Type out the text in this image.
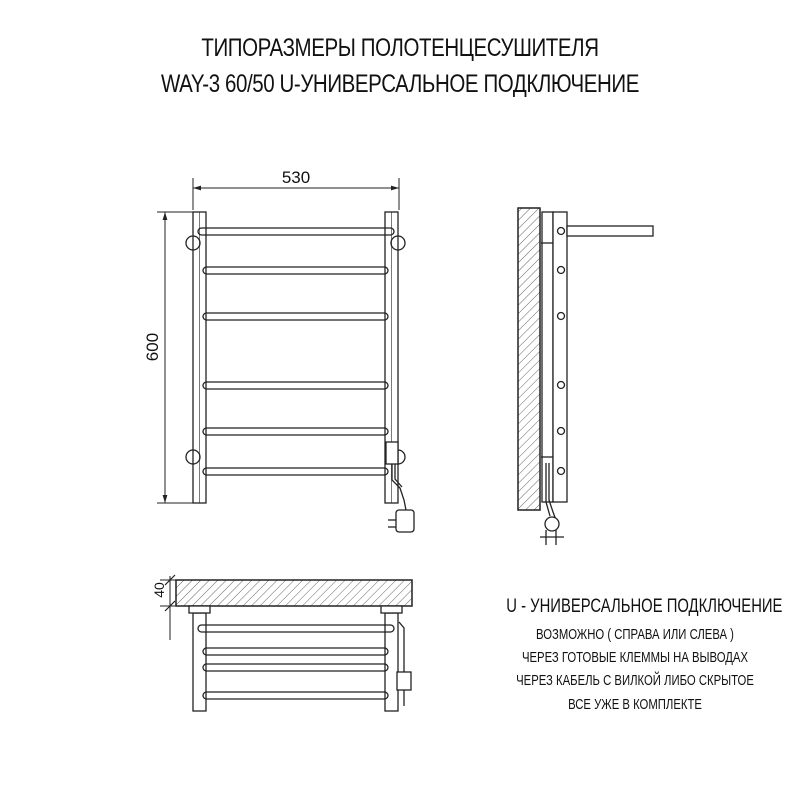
ТИПОРАЗМЕРЫ ПОЛОТЕНЦЕСУШИТЕЛЯ
WAY-3 60/50 U-УНИВЕРСАЛЬНОЕ ПОДКЛЮЧЕНИЕ
530
600
40
U - УНИВЕРСАЛЬНОЕ ПОДКЛЮЧЕНИЕ
ВОЗМОЖНО ( СПРАВА ИЛИ СЛЕВА )
ЧЕРЕЗ ГОТОВЫЕ КЛЕММЫ НА ВЫВОДАХ
ЧЕРЕЗ КАБЕЛЬ С ВИЛКОЙ ЛИБО СКРЫТОЕ
ВСЕ УЖЕ В КОМПЛЕКТЕ
